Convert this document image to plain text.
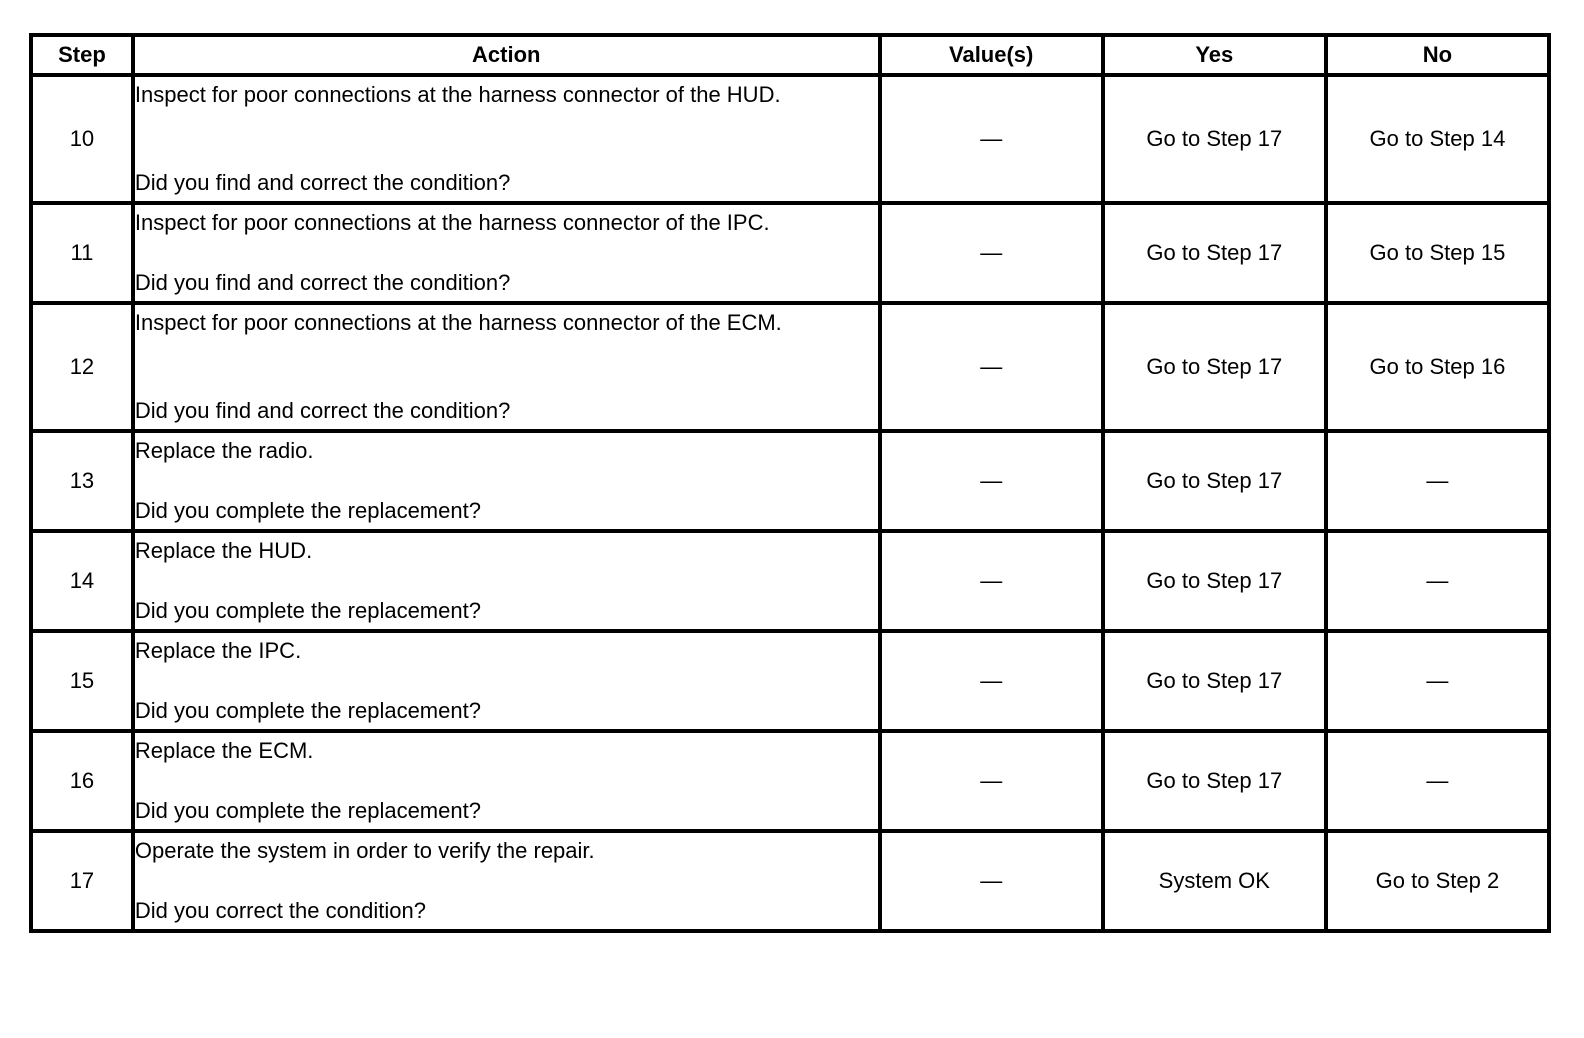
Step	Action	Value(s)	Yes	No
10	Inspect for poor connections at the harness connector of the HUD.
Did you find and correct the condition?	—	Go to Step 17	Go to Step 14
11	Inspect for poor connections at the harness connector of the IPC.
Did you find and correct the condition?	—	Go to Step 17	Go to Step 15
12	Inspect for poor connections at the harness connector of the ECM.
Did you find and correct the condition?	—	Go to Step 17	Go to Step 16
13	Replace the radio.
Did you complete the replacement?	—	Go to Step 17	—
14	Replace the HUD.
Did you complete the replacement?	—	Go to Step 17	—
15	Replace the IPC.
Did you complete the replacement?	—	Go to Step 17	—
16	Replace the ECM.
Did you complete the replacement?	—	Go to Step 17	—
17	Operate the system in order to verify the repair.
Did you correct the condition?	—	System OK	Go to Step 2
